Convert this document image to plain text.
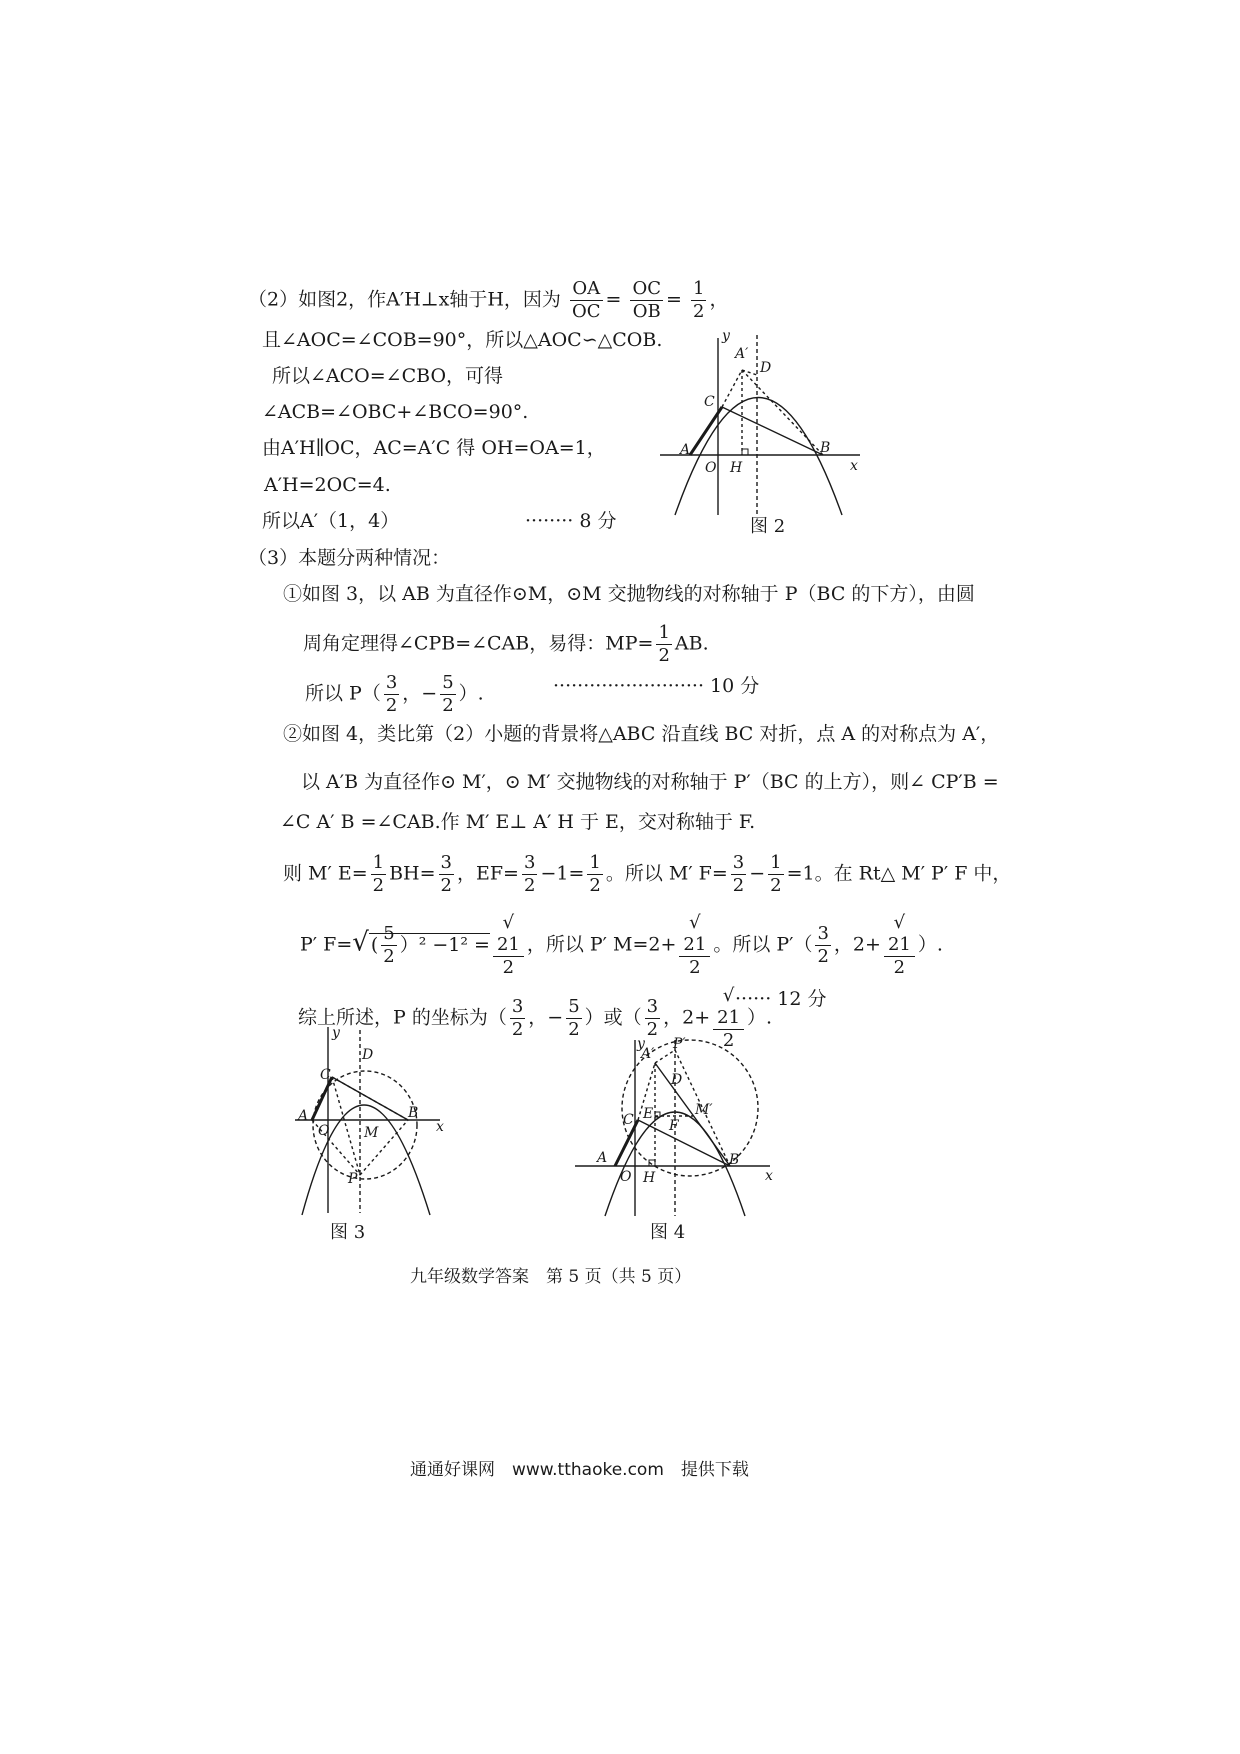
（2）如图2，作A′H⊥x轴于H，因为 $\frac{OA}{OC} = \frac{OC}{OB} = \frac{1}{2}$ ，
且∠AOC=∠COB=90°，所以△AOC∽△COB.
所以∠ACO=∠CBO，可得
∠ACB=∠OBC+∠BCO=90°.
由A′H∥OC，AC=A′C 得 OH=OA=1，
A′H=2OC=4.
所以A′（1，4）	········ 8 分
y
x
A′
D
C
A
O H
B
图 2
（3）本题分两种情况：
①如图 3，以 AB 为直径作⊙M，⊙M 交抛物线的对称轴于 P（BC 的下方），由圆
周角定理得∠CPB=∠CAB，易得：$MP= \frac{1}{2}$ AB.
所以 $P( \frac{3}{2}$ ，− $\frac{5}{2}$ ）.	························· 10 分
②如图 4，类比第（2）小题的背景将△ABC 沿直线 BC 对折，点 A 的对称点为 A′，
以 A′B 为直径作⊙ M′，⊙ M′ 交抛物线的对称轴于 P′（BC 的上方），则∠ CP′B =
∠C A′ B =∠CAB.作 M′ E⊥ A′ H 于 E，交对称轴于 F.
则 M′ $E= \frac{1}{2} BH= \frac{3}{2}$ ，$EF= \frac{3}{2} -1= \frac{1}{2}$ 。所以 M′ $F= \frac{3}{2} - \frac{1}{2} =1$。在 Rt△ M′ P′ F 中，
P′ F=√ ( $\frac{5}{2} )^2 -1^2$ = √
21
2 ，所以 P′ M=2+ √
21
2 。所以 $P'( \frac{3}{2}$ ，2+ √
21
2 ）.
综上所述，P 的坐标为（ $\frac{3}{2}$ ，− $\frac{5}{2}$ ）或（ $\frac{3}{2}$ ，2+ √
21
2 ）.
······ 12 分
y
x
D
C
A
O M
B
P
图 3
y
x
A′
P′
D
C E	M′
F
A
O H
B
图 4
九年级数学答案　第 5 页（共 5 页）
通通好课网　www.tthaoke.com　提供下载
